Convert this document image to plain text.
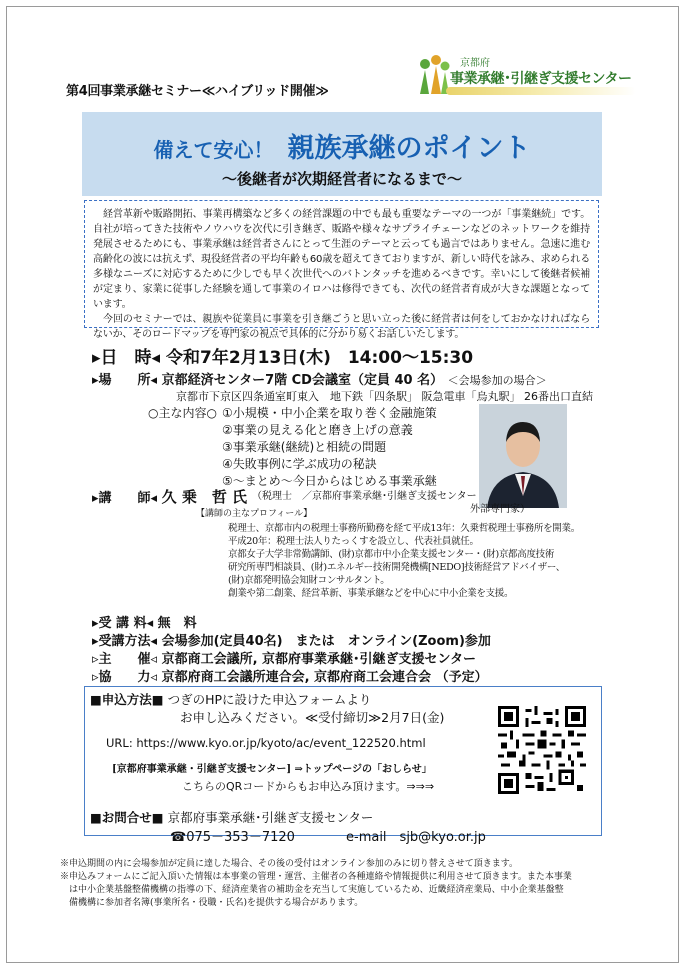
第4回事業承継セミナー≪ハイブリッド開催≫
京都府
事業承継･引継ぎ支援センター
備えて安心！ 親族承継のポイント
～後継者が次期経営者になるまで～

経営革新や販路開拓、事業再構築など多くの経営課題の中でも最も重要なテーマの一つが「事業継続」です。自社が培ってきた技術やノウハウを次代に引き継ぎ、販路や様々なサプライチェーンなどのネットワークを維持発展させるためにも、事業承継は経営者さんにとって生涯のテーマと云っても過言ではありません。急速に進む高齢化の波には抗えず、現役経営者の平均年齢も60歳を超えてきておりますが、新しい時代を詠み、求められる多様なニーズに対応するために少しでも早く次世代へのバトンタッチを進めるべきです。幸いにして後継者候補が定まり、家業に従事した経験を通して事業のイロハは修得できても、次代の経営者育成が大きな課題となっています。

今回のセミナーでは、親族や従業員に事業を引き継ごうと思い立った後に経営者は何をしておかなければならないか、そのロードマップを専門家の視点で具体的に分かり易くお話しいたします。

▸日　時◂ 令和7年2月13日(木)　14:00～15:30
▸場　　所◂ 京都経済センター7階 CD会議室（定員 40 名） ＜会場参加の場合＞
京都市下京区四条通室町東入　地下鉄「四条駅」 阪急電車「烏丸駅」 26番出口直結
○主な内容○ ①小規模・中小企業を取り巻く金融施策
②事業の見える化と磨き上げの意義
③事業承継(継続)と相続の問題
④失敗事例に学ぶ成功の秘訣
⑤～まとめ～今日からはじめる事業承継
▸講　　師◂ 久 乗　哲 氏 （税理士　／京都府事業承継･引継ぎ支援センター
外部専門家）
【講師の主なプロフィール】
税理士、京都市内の税理士事務所勤務を経て平成13年：久乗哲税理士事務所を開業。
平成20年：税理士法人りたっくすを設立し、代表社員就任。
京都女子大学非常勤講師、(財)京都市中小企業支援センター・(財)京都高度技術
研究所専門相談員、(財)エネルギー技術開発機構[NEDO]技術経営アドバイザー、
(財)京都発明協会知財コンサルタント。
創業や第二創業、経営革新、事業承継などを中心に中小企業を支援。
▸受 講 料◂ 無　料
▸受講方法◂ 会場参加(定員40名)　または　オンライン(Zoom)参加
▹主　　催◃ 京都商工会議所, 京都府事業承継･引継ぎ支援センター
▹協　　力◃ 京都府商工会議所連合会, 京都府商工会連合会 （予定）
■申込方法■ つぎのHPに設けた申込フォームより
お申し込みください。≪受付締切≫2月7日(金)
URL: https://www.kyo.or.jp/kyoto/ac/event_122520.html
[京都府事業承継・引継ぎ支援センター] ⇒トップページの「おしらせ」
こちらのQRコードからもお申込み頂けます。⇒⇒⇒
■お問合せ■ 京都府事業承継･引継ぎ支援センター
☎075－353－7120	e-mail　sjb@kyo.or.jp
※申込期間の内に会場参加が定員に達した場合、その後の受付はオンライン参加のみに切り替えさせて頂きます。
※申込みフォームにご記入頂いた情報は本事業の管理・運営、主催者の各種連絡や情報提供に利用させて頂きます。また本事業
　は中小企業基盤整備機構の指導の下、経済産業省の補助金を充当して実施しているため、近畿経済産業局、中小企業基盤整
　備機構に参加者名簿(事業所名・役職・氏名)を提供する場合があります。
